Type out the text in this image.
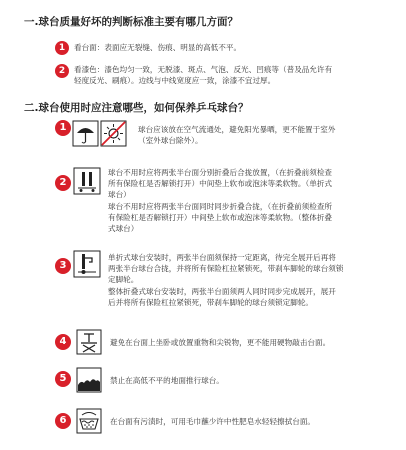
一.球台质量好坏的判断标准主要有哪几方面？
1	看台面：表面应无裂缝、伤痕、明显的高低不平。
2	看漆色：漆色均匀一致，无脱漆、斑点、气泡、反光、凹痕等（普及品允许有
轻度反光、刷痕）。边线与中线宽度应一致，涂漆不宜过厚。
二.球台使用时应注意哪些，如何保养乒乓球台？
1	球台应该放在空气流通处，避免阳光暴晒，更不能置于室外
（室外球台除外）。
2
球台不用时应将两张半台面分别折叠后合拢放置，（在折叠前须检查
所有保险杠是否解锁打开）中间垫上软布或泡沫等柔软物。（单折式
球台）
球台不用时应将两张半台面同时同步折叠合拢，（在折叠前须检查所
有保险杠是否解锁打开）中间垫上软布或泡沫等柔软物。（整体折叠
式球台）
3
单折式球台安装时，两张半台面须保持一定距离，待完全展开后再将
两张半台球台合拢，并将所有保险杠拉紧锁死，带刹车脚轮的球台须锁
定脚轮。
整体折叠式球台安装时，两张半台面须两人同时同步完成展开，展开
后并将所有保险杠拉紧锁死，带刹车脚轮的球台须锁定脚轮。
4	避免在台面上坐卧或放置重物和尖锐物，更不能用硬物敲击台面。
5	禁止在高低不平的地面推行球台。
6	在台面有污渍时，可用毛巾蘸少许中性肥皂水轻轻擦拭台面。
